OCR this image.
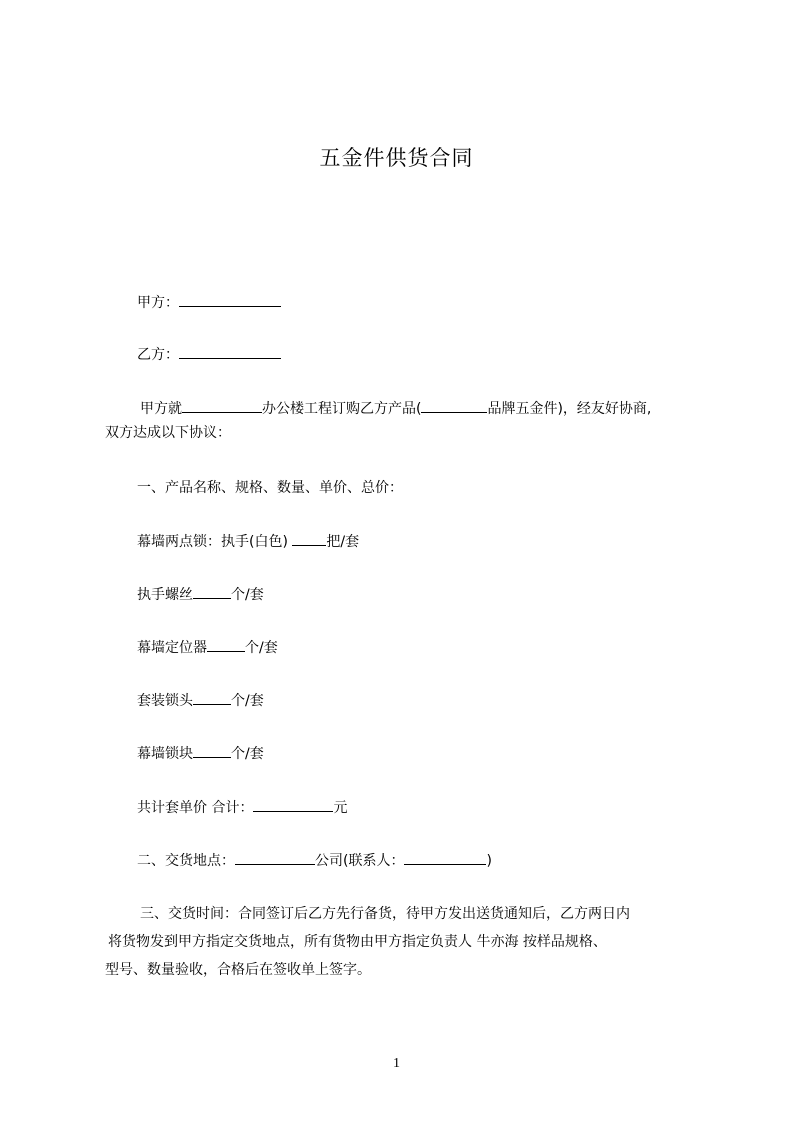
五金件供货合同
甲方：
乙方：
甲方就	办公楼工程订购乙方产品(	品牌五金件)，经友好协商,
双方达成以下协议：
一、产品名称、规格、数量、单价、总价：
幕墙两点锁：执手(白色) 把/套
执手螺丝	个/套
幕墙定位器	个/套
套装锁头	个/套
幕墙锁块	个/套
共计套单价 合计：	元
二、交货地点：	公司(联系人：	)
三、交货时间：合同签订后乙方先行备货，待甲方发出送货通知后，乙方两日内
将货物发到甲方指定交货地点，所有货物由甲方指定负责人 牛亦海 按样品规格、
型号、数量验收，合格后在签收单上签字。
1
